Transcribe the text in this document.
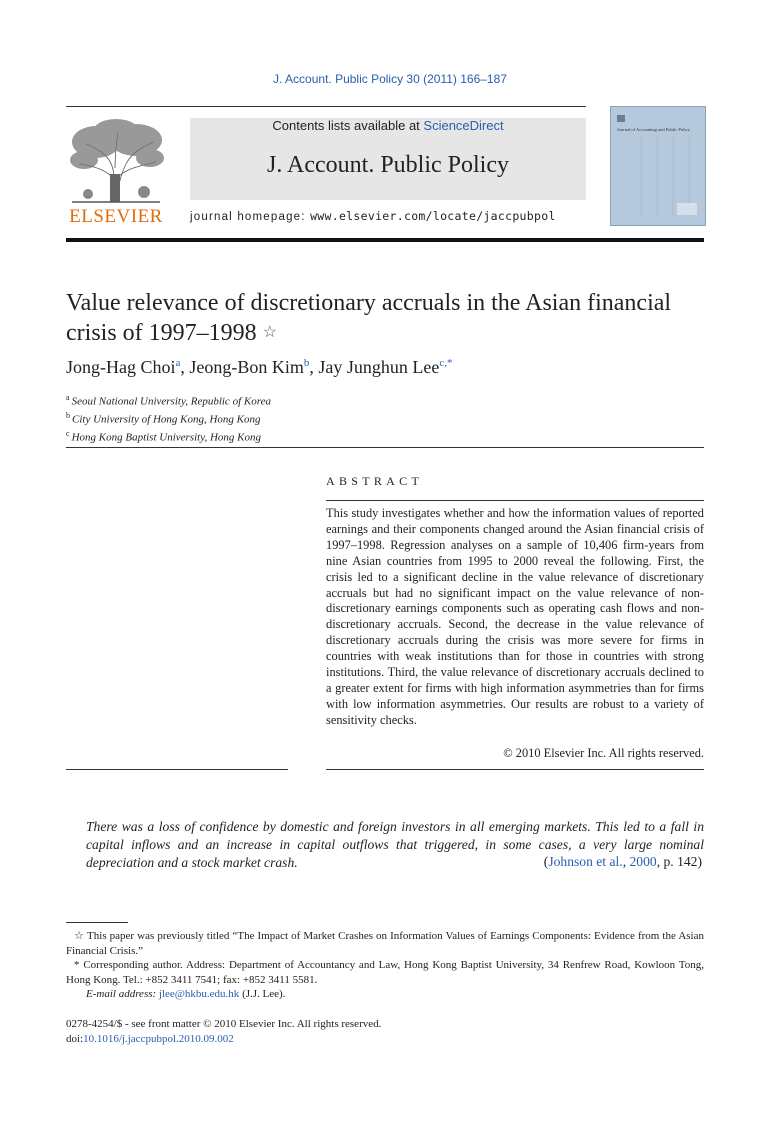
J. Account. Public Policy 30 (2011) 166–187
ELSEVIER
Contents lists available at ScienceDirect
J. Account. Public Policy
journal homepage: www.elsevier.com/locate/jaccpubpol
Journal of Accounting and Public Policy
Value relevance of discretionary accruals in the Asian financial crisis of 1997–1998 ☆
Jong-Hag Choi$^a$, Jeong-Bon Kim$^b$, Jay Junghun Lee$^{c,*}$
$^a$ Seoul National University, Republic of Korea
$^b$ City University of Hong Kong, Hong Kong
$^c$ Hong Kong Baptist University, Hong Kong
ABSTRACT

This study investigates whether and how the information values of reported earnings and their components changed around the Asian financial crisis of 1997–1998. Regression analyses on a sample of 10,406 firm-years from nine Asian countries from 1995 to 2000 reveal the following. First, the crisis led to a significant decline in the value relevance of discretionary accruals but had no significant impact on the value relevance of non-discretionary earnings components such as operating cash flows and non-discretionary accruals. Second, the decrease in the value relevance of discretionary accruals during the crisis was more severe for firms in countries with weak institutions than for those in countries with strong institutions. Third, the value relevance of discretionary accruals declined to a greater extent for firms with high information asymmetries than for firms with low information asymmetries. Our results are robust to a variety of sensitivity checks.

© 2010 Elsevier Inc. All rights reserved.

There was a loss of confidence by domestic and foreign investors in all emerging markets. This led to a fall in capital inflows and an increase in capital outflows that triggered, in some cases, a very large nominal depreciation and a stock market crash.	(Johnson et al., 2000, p. 142)

☆ This paper was previously titled “The Impact of Market Crashes on Information Values of Earnings Components: Evidence from the Asian Financial Crisis.”

* Corresponding author. Address: Department of Accountancy and Law, Hong Kong Baptist University, 34 Renfrew Road, Kowloon Tong, Hong Kong. Tel.: +852 3411 7541; fax: +852 3411 5581.

E-mail address: jlee@hkbu.edu.hk (J.J. Lee).

0278-4254/$ - see front matter © 2010 Elsevier Inc. All rights reserved.
doi:10.1016/j.jaccpubpol.2010.09.002
